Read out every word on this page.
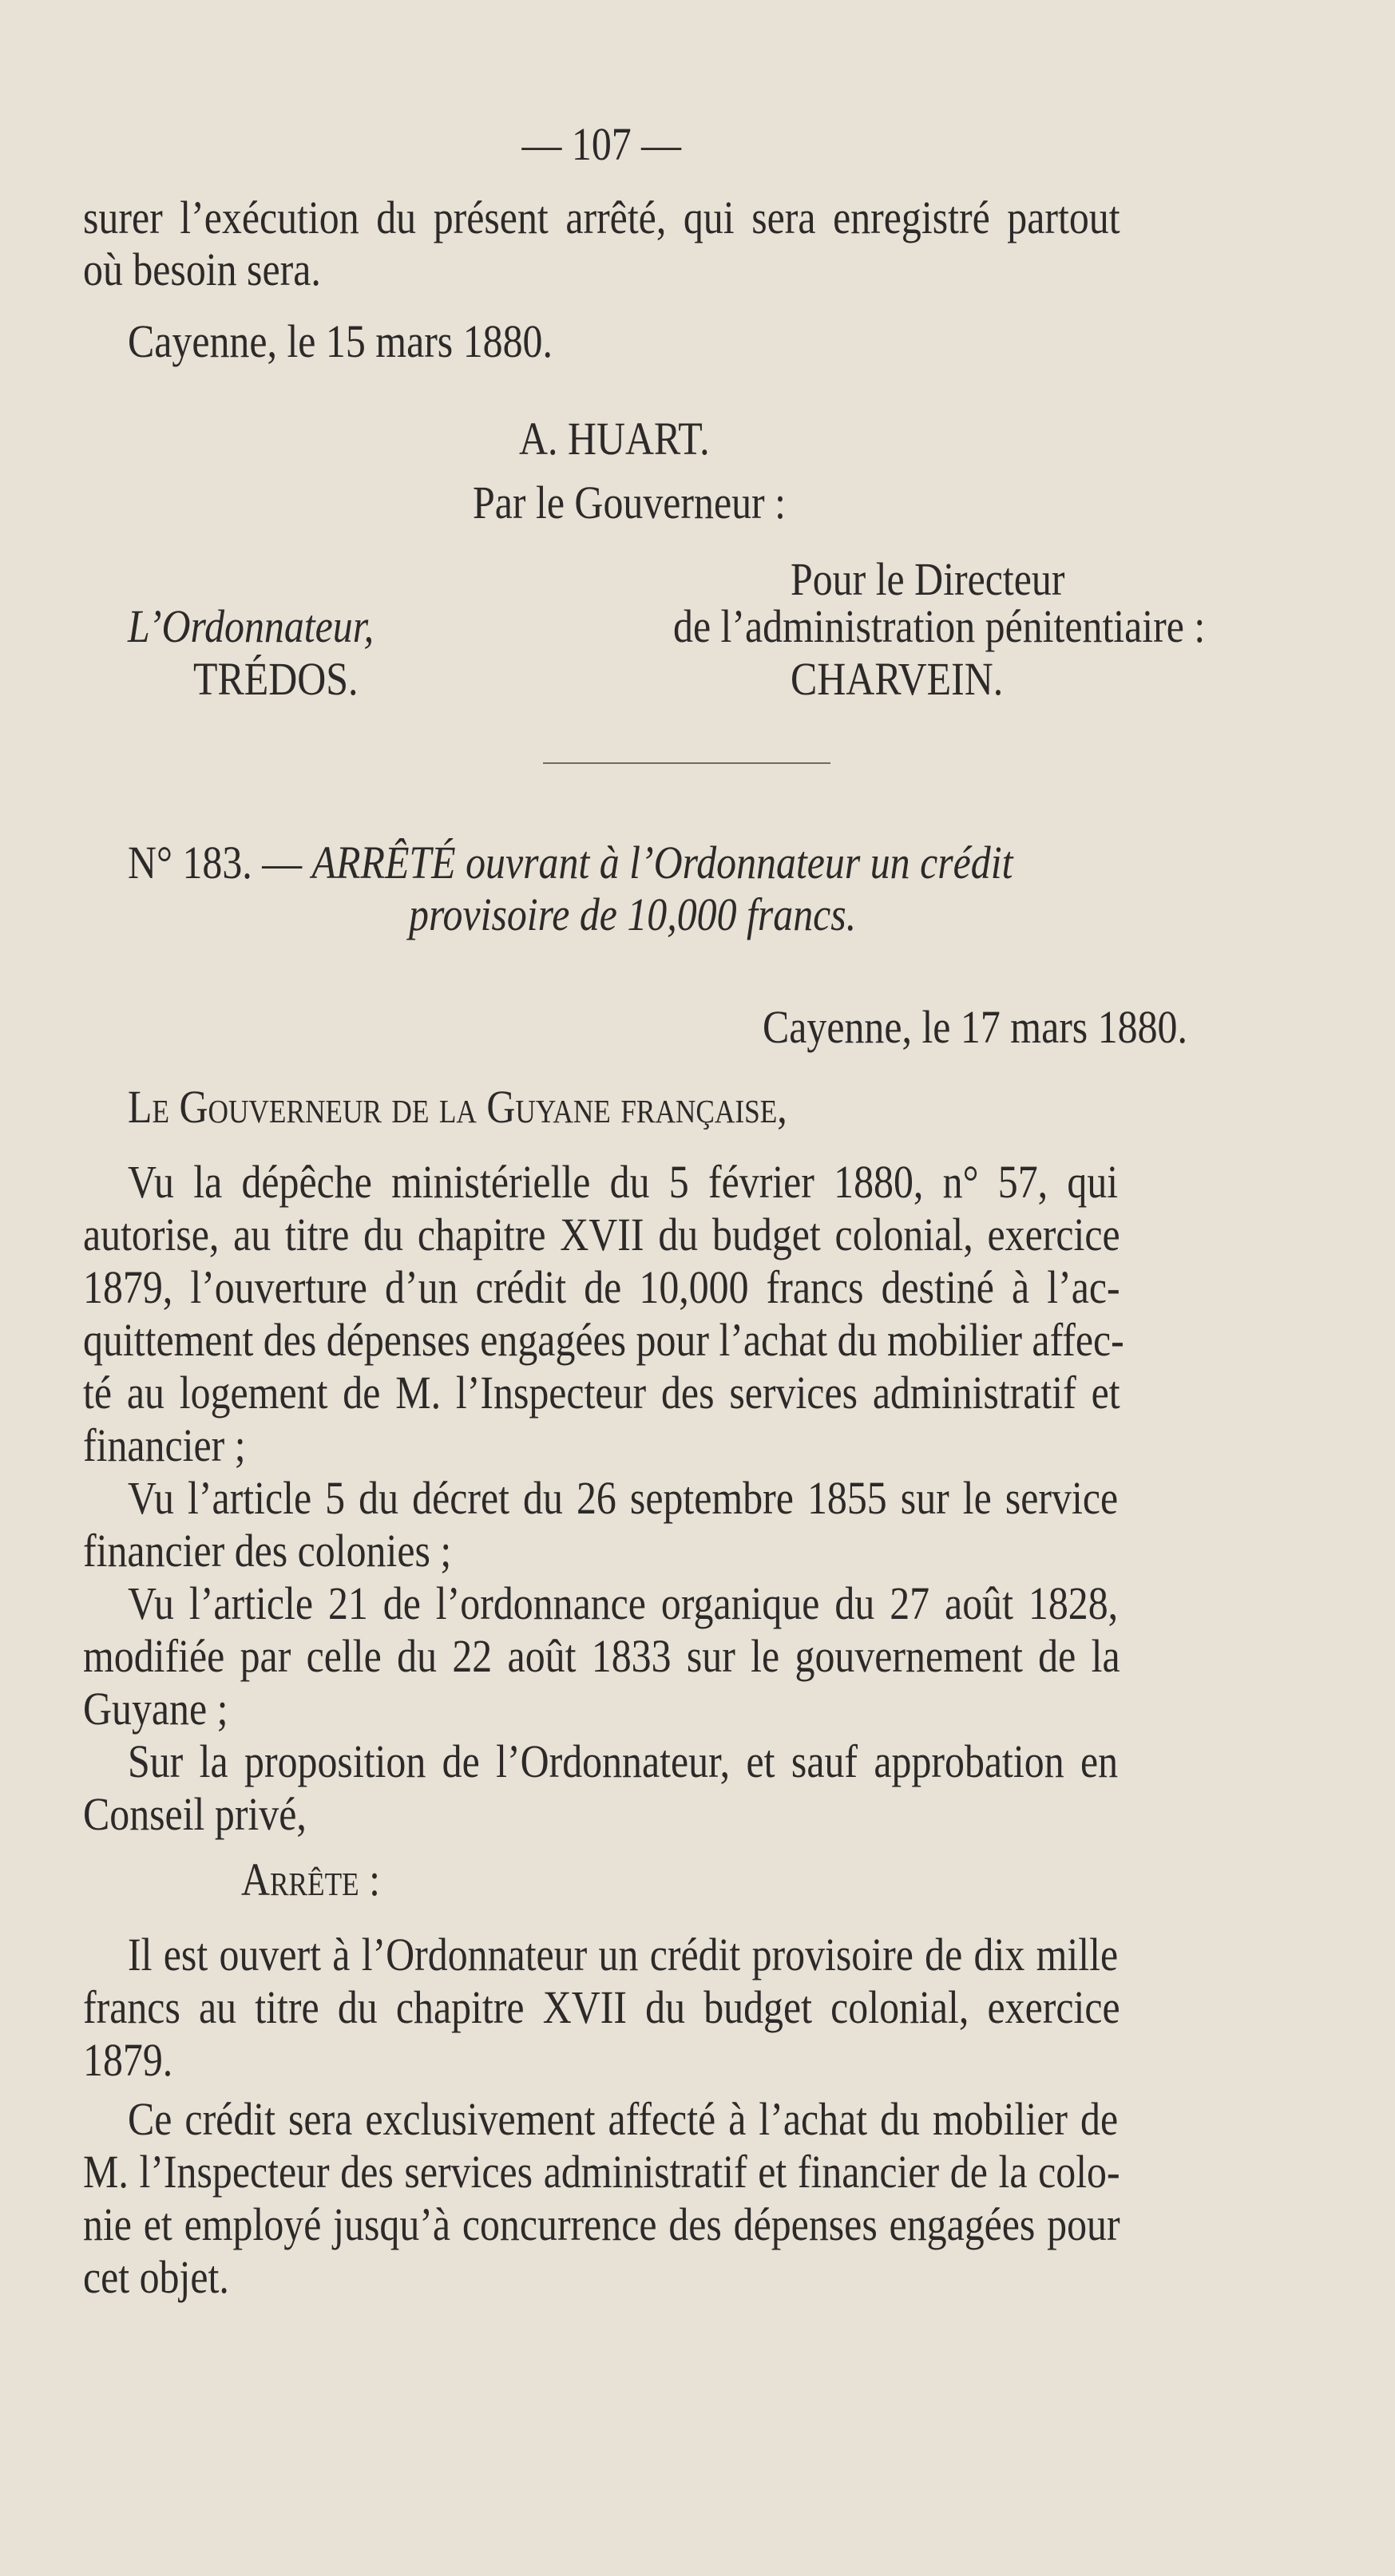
— 107 —
surer l’exécution du présent arrêté, qui sera enregistré partout
où besoin sera.
Cayenne, le 15 mars 1880.
A. HUART.
Par le Gouverneur :
Pour le Directeur
L’Ordonnateur,	de l’administration pénitentiaire :
TRÉDOS.	CHARVEIN.
N° 183. — ARRÊTÉ ouvrant à l’Ordonnateur un crédit
provisoire de 10,000 francs.
Cayenne, le 17 mars 1880.
Le Gouverneur de la Guyane française,
Vu la dépêche ministérielle du 5 février 1880, n° 57, qui
autorise, au titre du chapitre XVII du budget colonial, exercice
1879, l’ouverture d’un crédit de 10,000 francs destiné à l’ac-
quittement des dépenses engagées pour l’achat du mobilier affec-
té au logement de M. l’Inspecteur des services administratif et
financier ;
Vu l’article 5 du décret du 26 septembre 1855 sur le service
financier des colonies ;
Vu l’article 21 de l’ordonnance organique du 27 août 1828,
modifiée par celle du 22 août 1833 sur le gouvernement de la
Guyane ;
Sur la proposition de l’Ordonnateur, et sauf approbation en
Conseil privé,
Arrête :
Il est ouvert à l’Ordonnateur un crédit provisoire de dix mille
francs au titre du chapitre XVII du budget colonial, exercice
1879.
Ce crédit sera exclusivement affecté à l’achat du mobilier de
M. l’Inspecteur des services administratif et financier de la colo-
nie et employé jusqu’à concurrence des dépenses engagées pour
cet objet.
